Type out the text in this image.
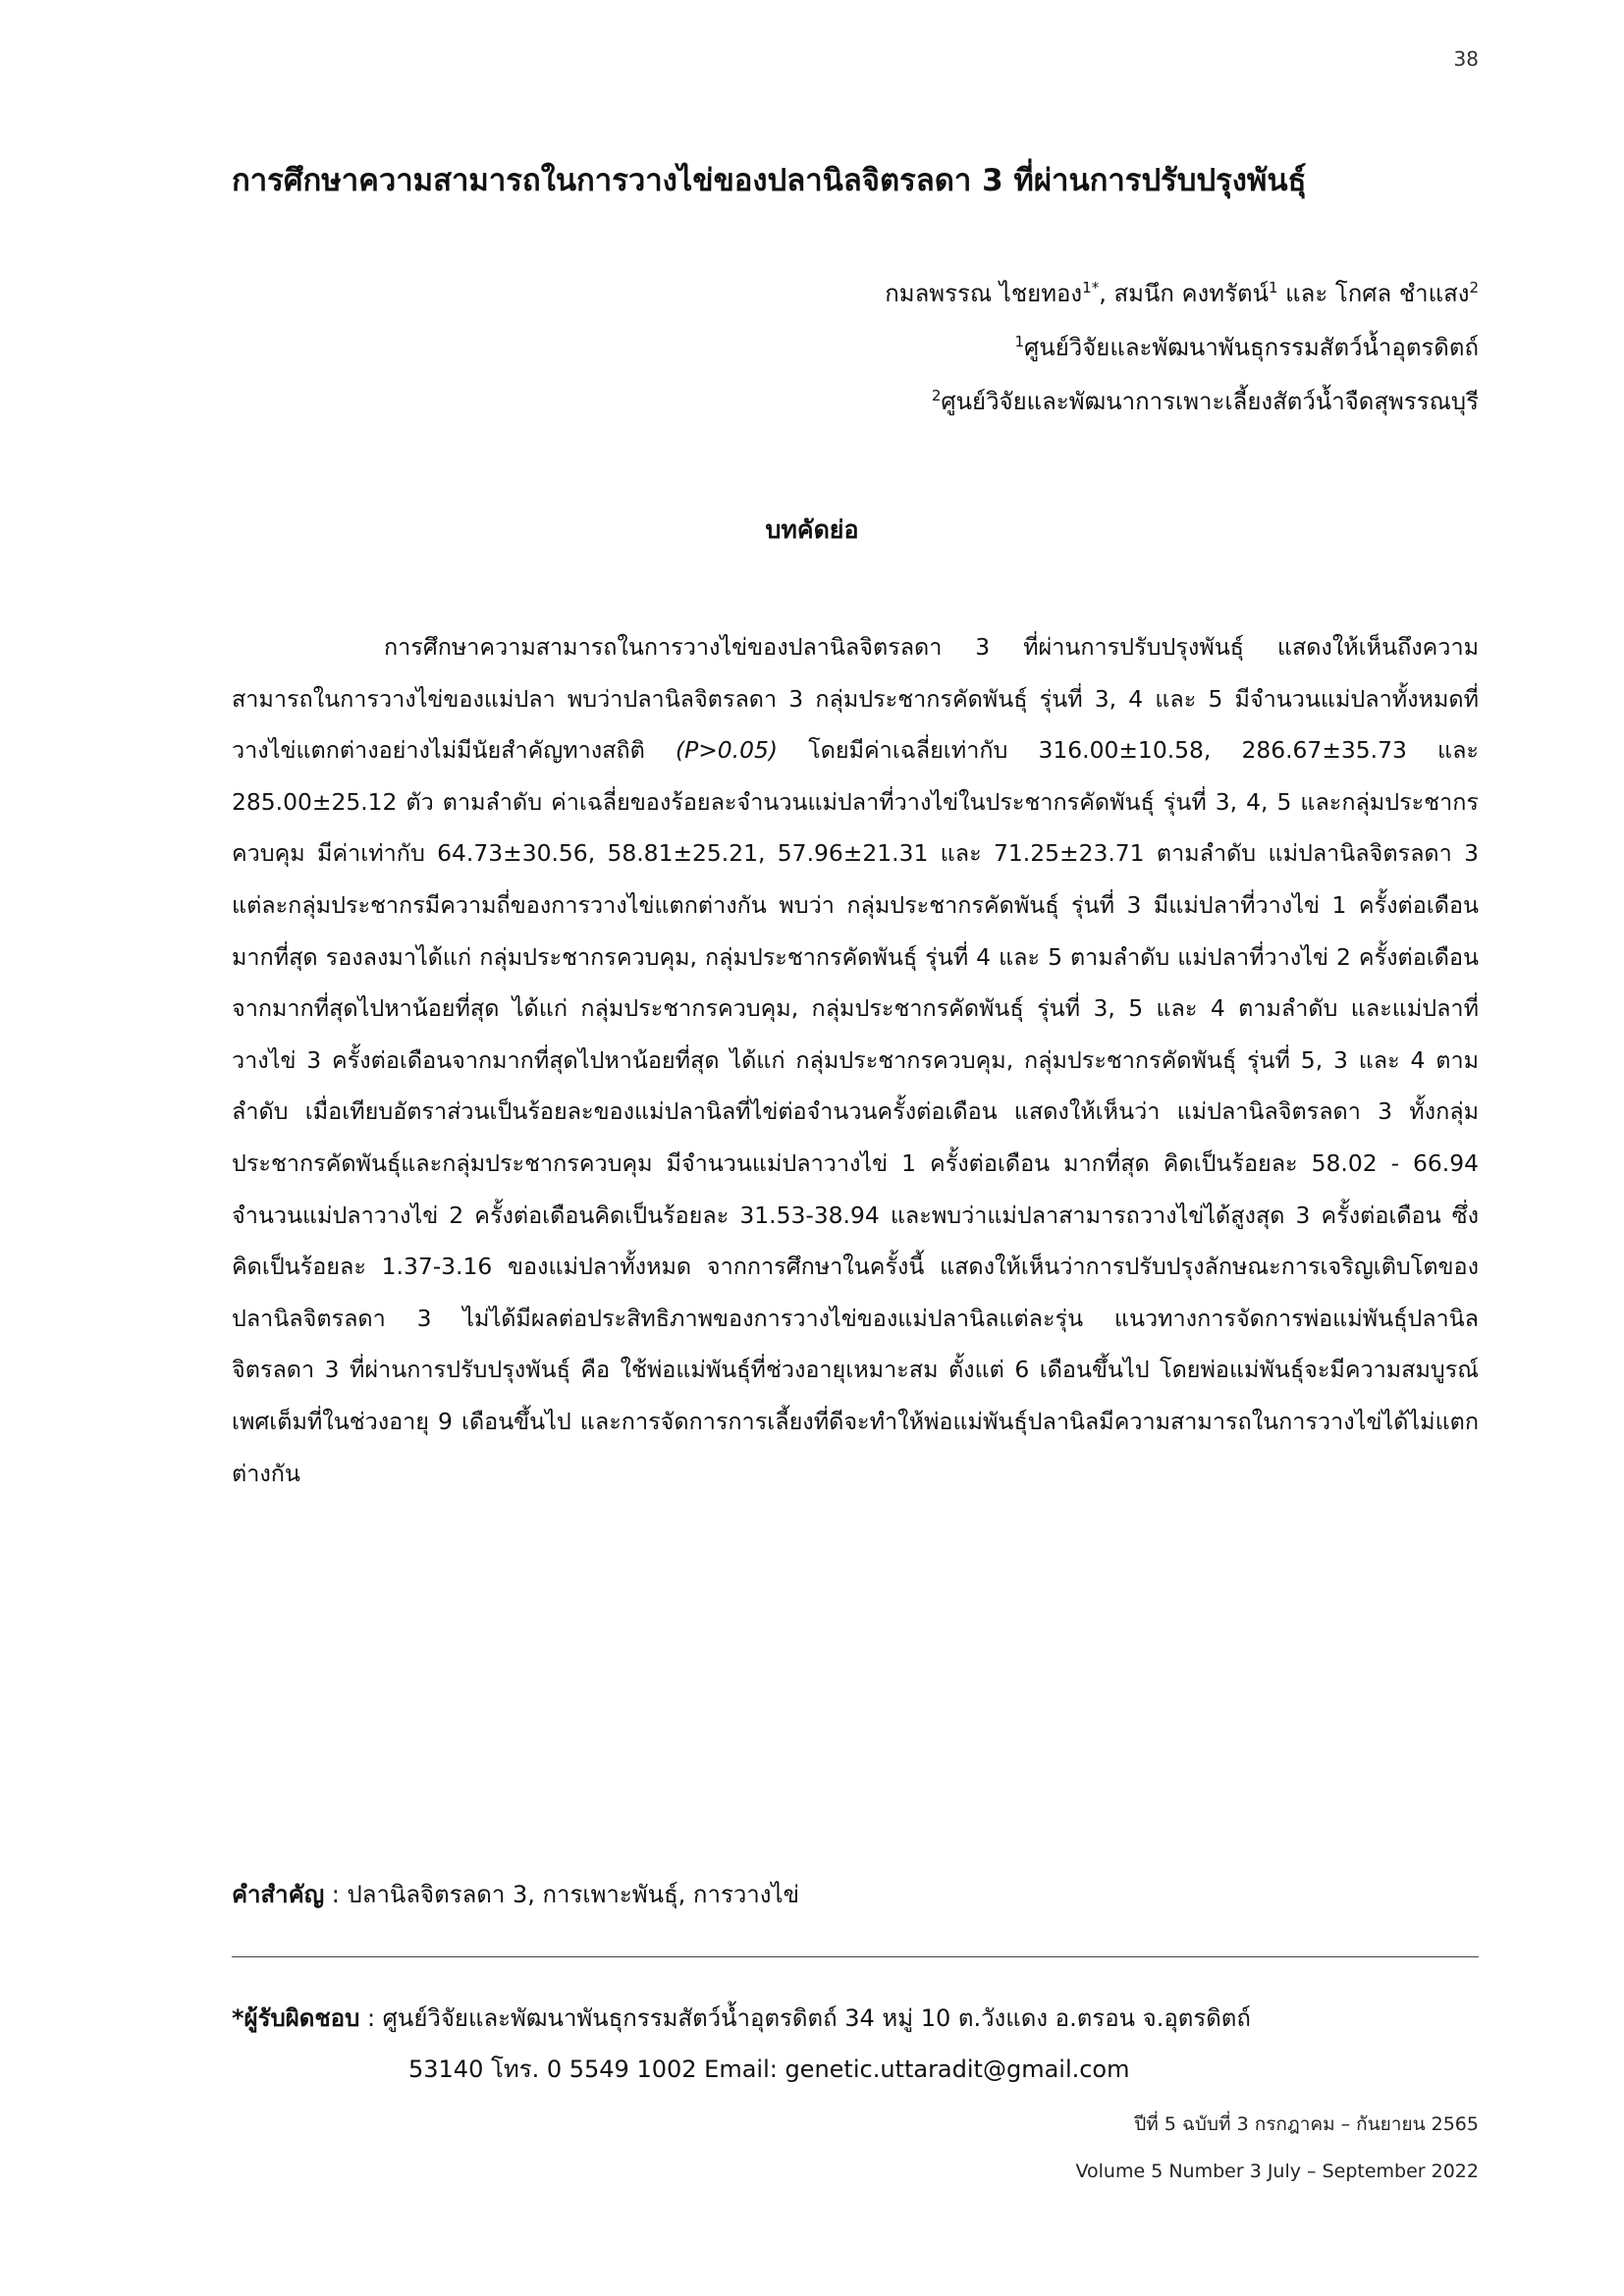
38
การศึกษาความสามารถในการวางไข่ของปลานิลจิตรลดา 3 ที่ผ่านการปรับปรุงพันธุ์
กมลพรรณ ไชยทอง$^{1*}$, สมนึก คงทรัตน์$^1$ และ โกศล ชำแสง$^2$
$^1$ศูนย์วิจัยและพัฒนาพันธุกรรมสัตว์น้ำอุตรดิตถ์
$^2$ศูนย์วิจัยและพัฒนาการเพาะเลี้ยงสัตว์น้ำจืดสุพรรณบุรี
บทคัดย่อ

การศึกษาความสามารถในการวางไข่ของปลานิลจิตรลดา 3 ที่ผ่านการปรับปรุงพันธุ์ แสดงให้เห็นถึงความสามารถในการวางไข่ของแม่ปลา พบว่าปลานิลจิตรลดา 3 กลุ่มประชากรคัดพันธุ์ รุ่นที่ 3, 4 และ 5 มีจำนวนแม่ปลาทั้งหมดที่วางไข่แตกต่างอย่างไม่มีนัยสำคัญทางสถิติ (P>0.05) โดยมีค่าเฉลี่ยเท่ากับ 316.00±10.58, 286.67±35.73 และ 285.00±25.12 ตัว ตามลำดับ ค่าเฉลี่ยของร้อยละจำนวนแม่ปลาที่วางไข่ในประชากรคัดพันธุ์ รุ่นที่ 3, 4, 5 และกลุ่มประชากรควบคุม มีค่าเท่ากับ 64.73±30.56, 58.81±25.21, 57.96±21.31 และ 71.25±23.71 ตามลำดับ แม่ปลานิลจิตรลดา 3 แต่ละกลุ่มประชากรมีความถี่ของการวางไข่แตกต่างกัน พบว่า กลุ่มประชากรคัดพันธุ์ รุ่นที่ 3 มีแม่ปลาที่วางไข่ 1 ครั้งต่อเดือนมากที่สุด รองลงมาได้แก่ กลุ่มประชากรควบคุม, กลุ่มประชากรคัดพันธุ์ รุ่นที่ 4 และ 5 ตามลำดับ แม่ปลาที่วางไข่ 2 ครั้งต่อเดือน จากมากที่สุดไปหาน้อยที่สุด ได้แก่ กลุ่มประชากรควบคุม, กลุ่มประชากรคัดพันธุ์ รุ่นที่ 3, 5 และ 4 ตามลำดับ และแม่ปลาที่วางไข่ 3 ครั้งต่อเดือนจากมากที่สุดไปหาน้อยที่สุด ได้แก่ กลุ่มประชากรควบคุม, กลุ่มประชากรคัดพันธุ์ รุ่นที่ 5, 3 และ 4 ตามลำดับ เมื่อเทียบอัตราส่วนเป็นร้อยละของแม่ปลานิลที่ไข่ต่อจำนวนครั้งต่อเดือน แสดงให้เห็นว่า แม่ปลานิลจิตรลดา 3 ทั้งกลุ่มประชากรคัดพันธุ์และกลุ่มประชากรควบคุม มีจำนวนแม่ปลาวางไข่ 1 ครั้งต่อเดือน มากที่สุด คิดเป็นร้อยละ 58.02 - 66.94 จำนวนแม่ปลาวางไข่ 2 ครั้งต่อเดือนคิดเป็นร้อยละ 31.53-38.94 และพบว่าแม่ปลาสามารถวางไข่ได้สูงสุด 3 ครั้งต่อเดือน ซึ่งคิดเป็นร้อยละ 1.37-3.16 ของแม่ปลาทั้งหมด จากการศึกษาในครั้งนี้ แสดงให้เห็นว่าการปรับปรุงลักษณะการเจริญเติบโตของปลานิลจิตรลดา 3 ไม่ได้มีผลต่อประสิทธิภาพของการวางไข่ของแม่ปลานิลแต่ละรุ่น แนวทางการจัดการพ่อแม่พันธุ์ปลานิลจิตรลดา 3 ที่ผ่านการปรับปรุงพันธุ์ คือ ใช้พ่อแม่พันธุ์ที่ช่วงอายุเหมาะสม ตั้งแต่ 6 เดือนขึ้นไป โดยพ่อแม่พันธุ์จะมีความสมบูรณ์เพศเต็มที่ในช่วงอายุ 9 เดือนขึ้นไป และการจัดการการเลี้ยงที่ดีจะทำให้พ่อแม่พันธุ์ปลานิลมีความสามารถในการวางไข่ได้ไม่แตกต่างกัน

คำสำคัญ : ปลานิลจิตรลดา 3, การเพาะพันธุ์, การวางไข่
*ผู้รับผิดชอบ : ศูนย์วิจัยและพัฒนาพันธุกรรมสัตว์น้ำอุตรดิตถ์ 34 หมู่ 10 ต.วังแดง อ.ตรอน จ.อุตรดิตถ์
53140 โทร. 0 5549 1002 Email: genetic.uttaradit@gmail.com
ปีที่ 5 ฉบับที่ 3 กรกฎาคม – กันยายน 2565
Volume 5 Number 3 July – September 2022
